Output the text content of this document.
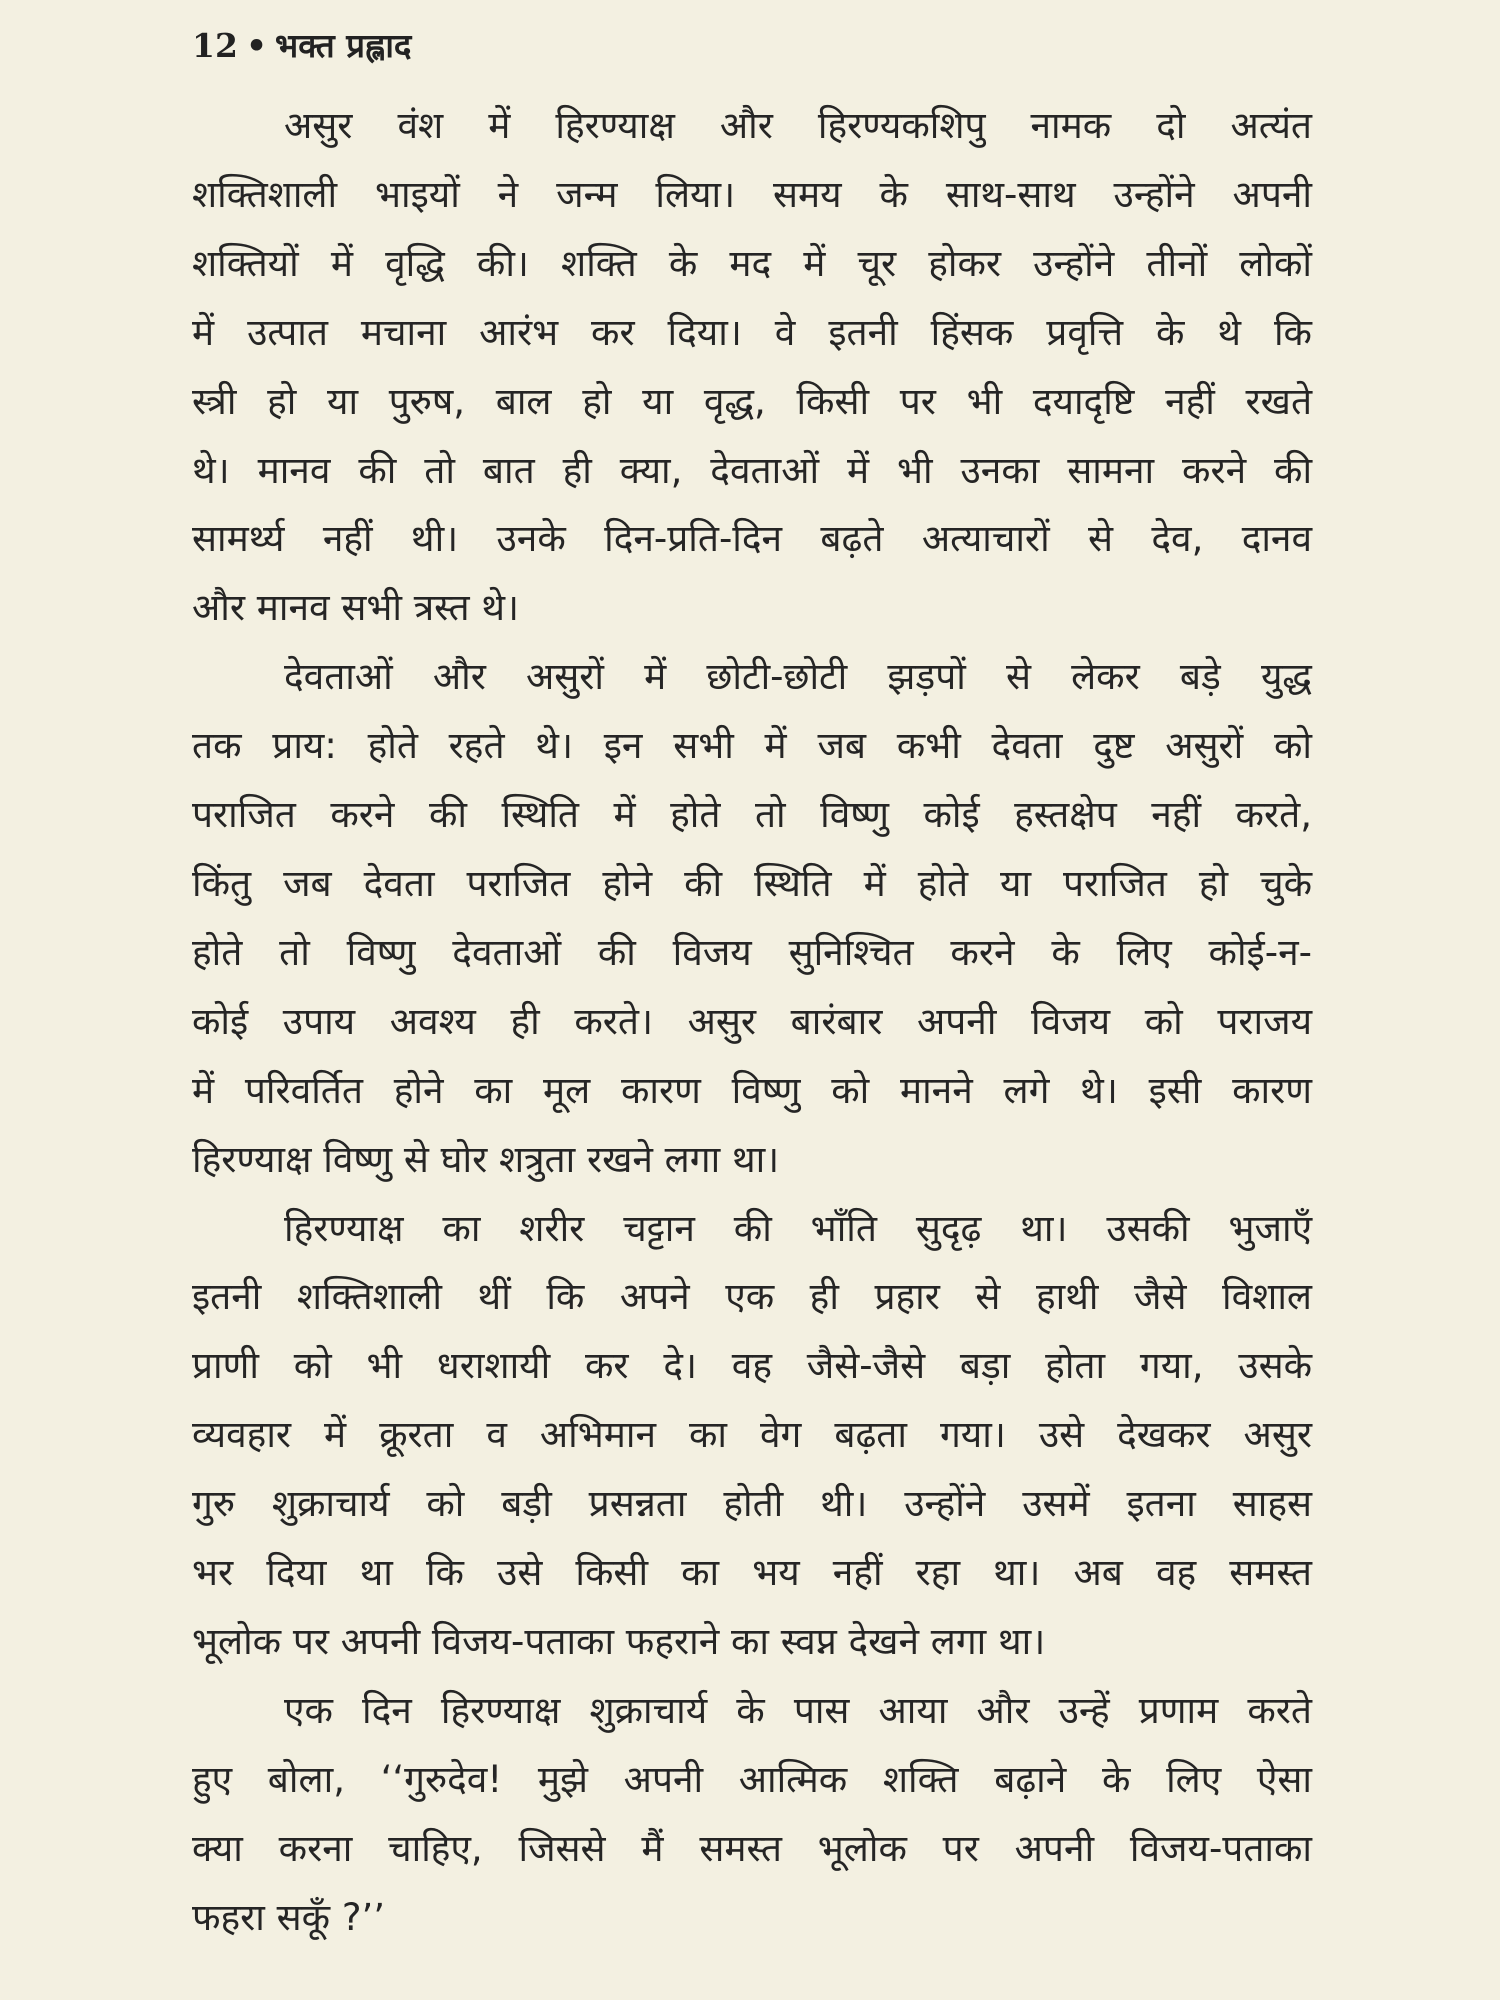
12 • भक्त प्रह्लाद

असुर वंश में हिरण्याक्ष और हिरण्यकशिपु नामक दो अत्यंत
शक्तिशाली भाइयों ने जन्म लिया। समय के साथ-साथ उन्होंने अपनी
शक्तियों में वृद्धि की। शक्ति के मद में चूर होकर उन्होंने तीनों लोकों
में उत्पात मचाना आरंभ कर दिया। वे इतनी हिंसक प्रवृत्ति के थे कि
स्त्री हो या पुरुष, बाल हो या वृद्ध, किसी पर भी दयादृष्टि नहीं रखते
थे। मानव की तो बात ही क्या, देवताओं में भी उनका सामना करने की
सामर्थ्य नहीं थी। उनके दिन-प्रति-दिन बढ़ते अत्याचारों से देव, दानव
और मानव सभी त्रस्त थे।

देवताओं और असुरों में छोटी-छोटी झड़पों से लेकर बड़े युद्ध
तक प्राय: होते रहते थे। इन सभी में जब कभी देवता दुष्ट असुरों को
पराजित करने की स्थिति में होते तो विष्णु कोई हस्तक्षेप नहीं करते,
किंतु जब देवता पराजित होने की स्थिति में होते या पराजित हो चुके
होते तो विष्णु देवताओं की विजय सुनिश्चित करने के लिए कोई-न-
कोई उपाय अवश्य ही करते। असुर बारंबार अपनी विजय को पराजय
में परिवर्तित होने का मूल कारण विष्णु को मानने लगे थे। इसी कारण
हिरण्याक्ष विष्णु से घोर शत्रुता रखने लगा था।

हिरण्याक्ष का शरीर चट्टान की भाँति सुदृढ़ था। उसकी भुजाएँ
इतनी शक्तिशाली थीं कि अपने एक ही प्रहार से हाथी जैसे विशाल
प्राणी को भी धराशायी कर दे। वह जैसे-जैसे बड़ा होता गया, उसके
व्यवहार में क्रूरता व अभिमान का वेग बढ़ता गया। उसे देखकर असुर
गुरु शुक्राचार्य को बड़ी प्रसन्नता होती थी। उन्होंने उसमें इतना साहस
भर दिया था कि उसे किसी का भय नहीं रहा था। अब वह समस्त
भूलोक पर अपनी विजय-पताका फहराने का स्वप्न देखने लगा था।

एक दिन हिरण्याक्ष शुक्राचार्य के पास आया और उन्हें प्रणाम करते
हुए बोला, ‘‘गुरुदेव! मुझे अपनी आत्मिक शक्ति बढ़ाने के लिए ऐसा
क्या करना चाहिए, जिससे मैं समस्त भूलोक पर अपनी विजय-पताका
फहरा सकूँ ?’’
